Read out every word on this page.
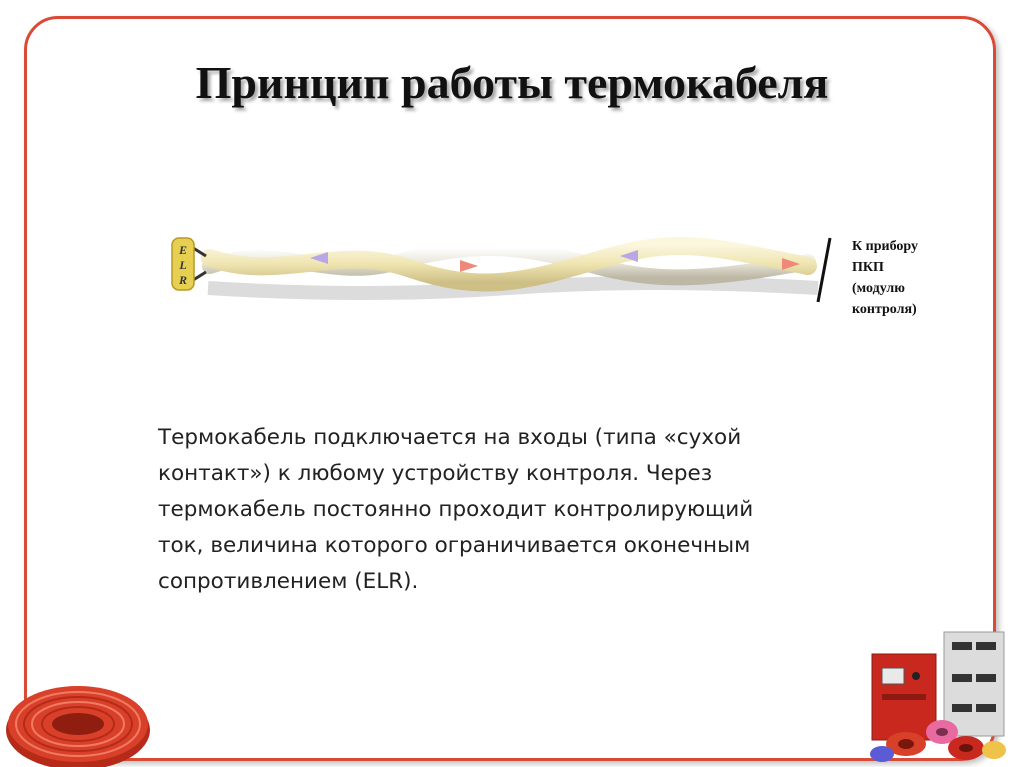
Принцип работы термокабеля
E
L
R
К прибору
ПКП
(модулю
контроля)
Термокабель подключается на входы (типа «сухой
контакт») к любому устройству контроля. Через
термокабель постоянно проходит контролирующий
ток, величина которого ограничивается оконечным
сопротивлением (ELR).
